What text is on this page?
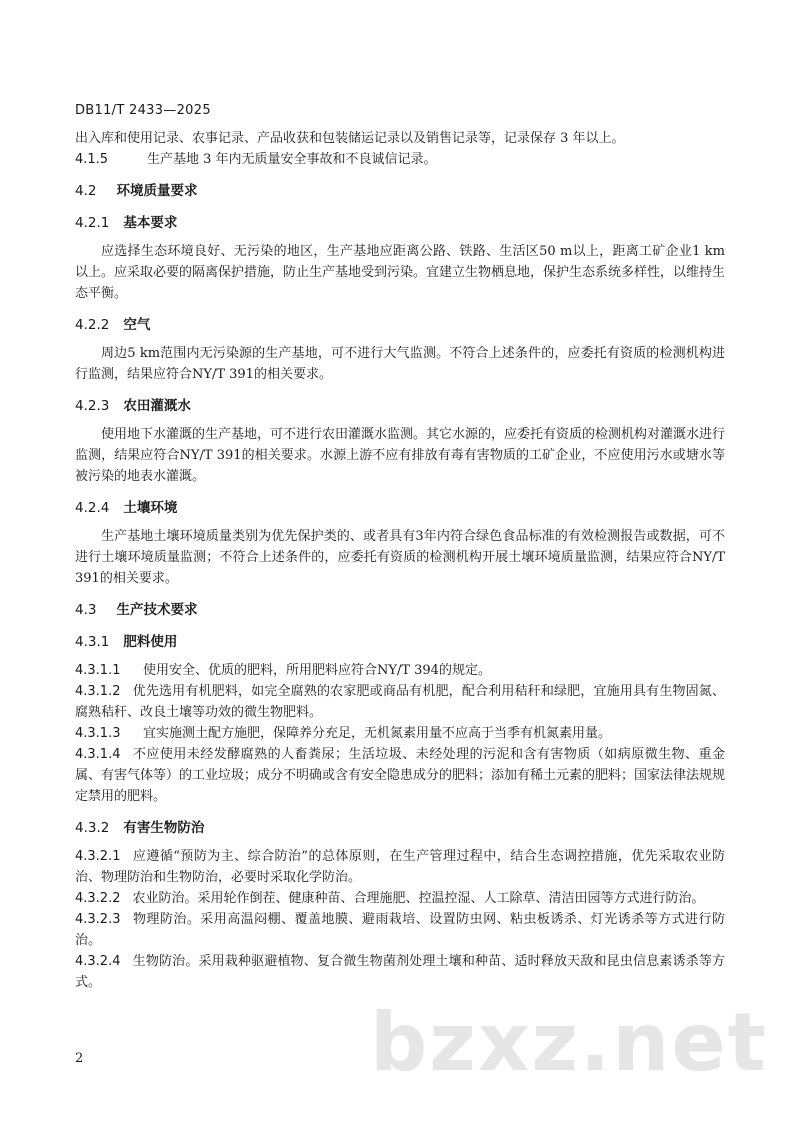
DB11/T 2433—2025

出入库和使用记录、农事记录、产品收获和包装储运记录以及销售记录等，记录保存 3 年以上。

4.1.5	生产基地 3 年内无质量安全事故和不良诚信记录。
4.2 环境质量要求
4.2.1 基本要求

应选择生态环境良好、无污染的地区，生产基地应距离公路、铁路、生活区50 m以上，距离工矿企业1 km以上。应采取必要的隔离保护措施，防止生产基地受到污染。宜建立生物栖息地，保护生态系统多样性，以维持生态平衡。

4.2.2 空气

周边5 km范围内无污染源的生产基地，可不进行大气监测。不符合上述条件的，应委托有资质的检测机构进行监测，结果应符合NY/T 391的相关要求。

4.2.3 农田灌溉水

使用地下水灌溉的生产基地，可不进行农田灌溉水监测。其它水源的，应委托有资质的检测机构对灌溉水进行监测，结果应符合NY/T 391的相关要求。水源上游不应有排放有毒有害物质的工矿企业，不应使用污水或塘水等被污染的地表水灌溉。

4.2.4 土壤环境

生产基地土壤环境质量类别为优先保护类的、或者具有3年内符合绿色食品标准的有效检测报告或数据，可不进行土壤环境质量监测；不符合上述条件的，应委托有资质的检测机构开展土壤环境质量监测，结果应符合NY/T 391的相关要求。

4.3 生产技术要求
4.3.1 肥料使用
4.3.1.1	使用安全、优质的肥料，所用肥料应符合NY/T 394的规定。

4.3.1.2 优先选用有机肥料，如完全腐熟的农家肥或商品有机肥，配合利用秸秆和绿肥，宜施用具有生物固氮、腐熟秸秆、改良土壤等功效的微生物肥料。

4.3.1.3	宜实施测土配方施肥，保障养分充足，无机氮素用量不应高于当季有机氮素用量。

4.3.1.4 不应使用未经发酵腐熟的人畜粪尿；生活垃圾、未经处理的污泥和含有害物质（如病原微生物、重金属、有害气体等）的工业垃圾；成分不明确或含有安全隐患成分的肥料；添加有稀土元素的肥料；国家法律法规规定禁用的肥料。

4.3.2 有害生物防治

4.3.2.1 应遵循“预防为主、综合防治”的总体原则，在生产管理过程中，结合生态调控措施，优先采取农业防治、物理防治和生物防治，必要时采取化学防治。

4.3.2.2 农业防治。采用轮作倒茬、健康种苗、合理施肥、控温控湿、人工除草、清洁田园等方式进行防治。

4.3.2.3 物理防治。采用高温闷棚、覆盖地膜、避雨栽培、设置防虫网、粘虫板诱杀、灯光诱杀等方式进行防治。

4.3.2.4 生物防治。采用栽种驱避植物、复合微生物菌剂处理土壤和种苗、适时释放天敌和昆虫信息素诱杀等方式。

bzxz.net
2
